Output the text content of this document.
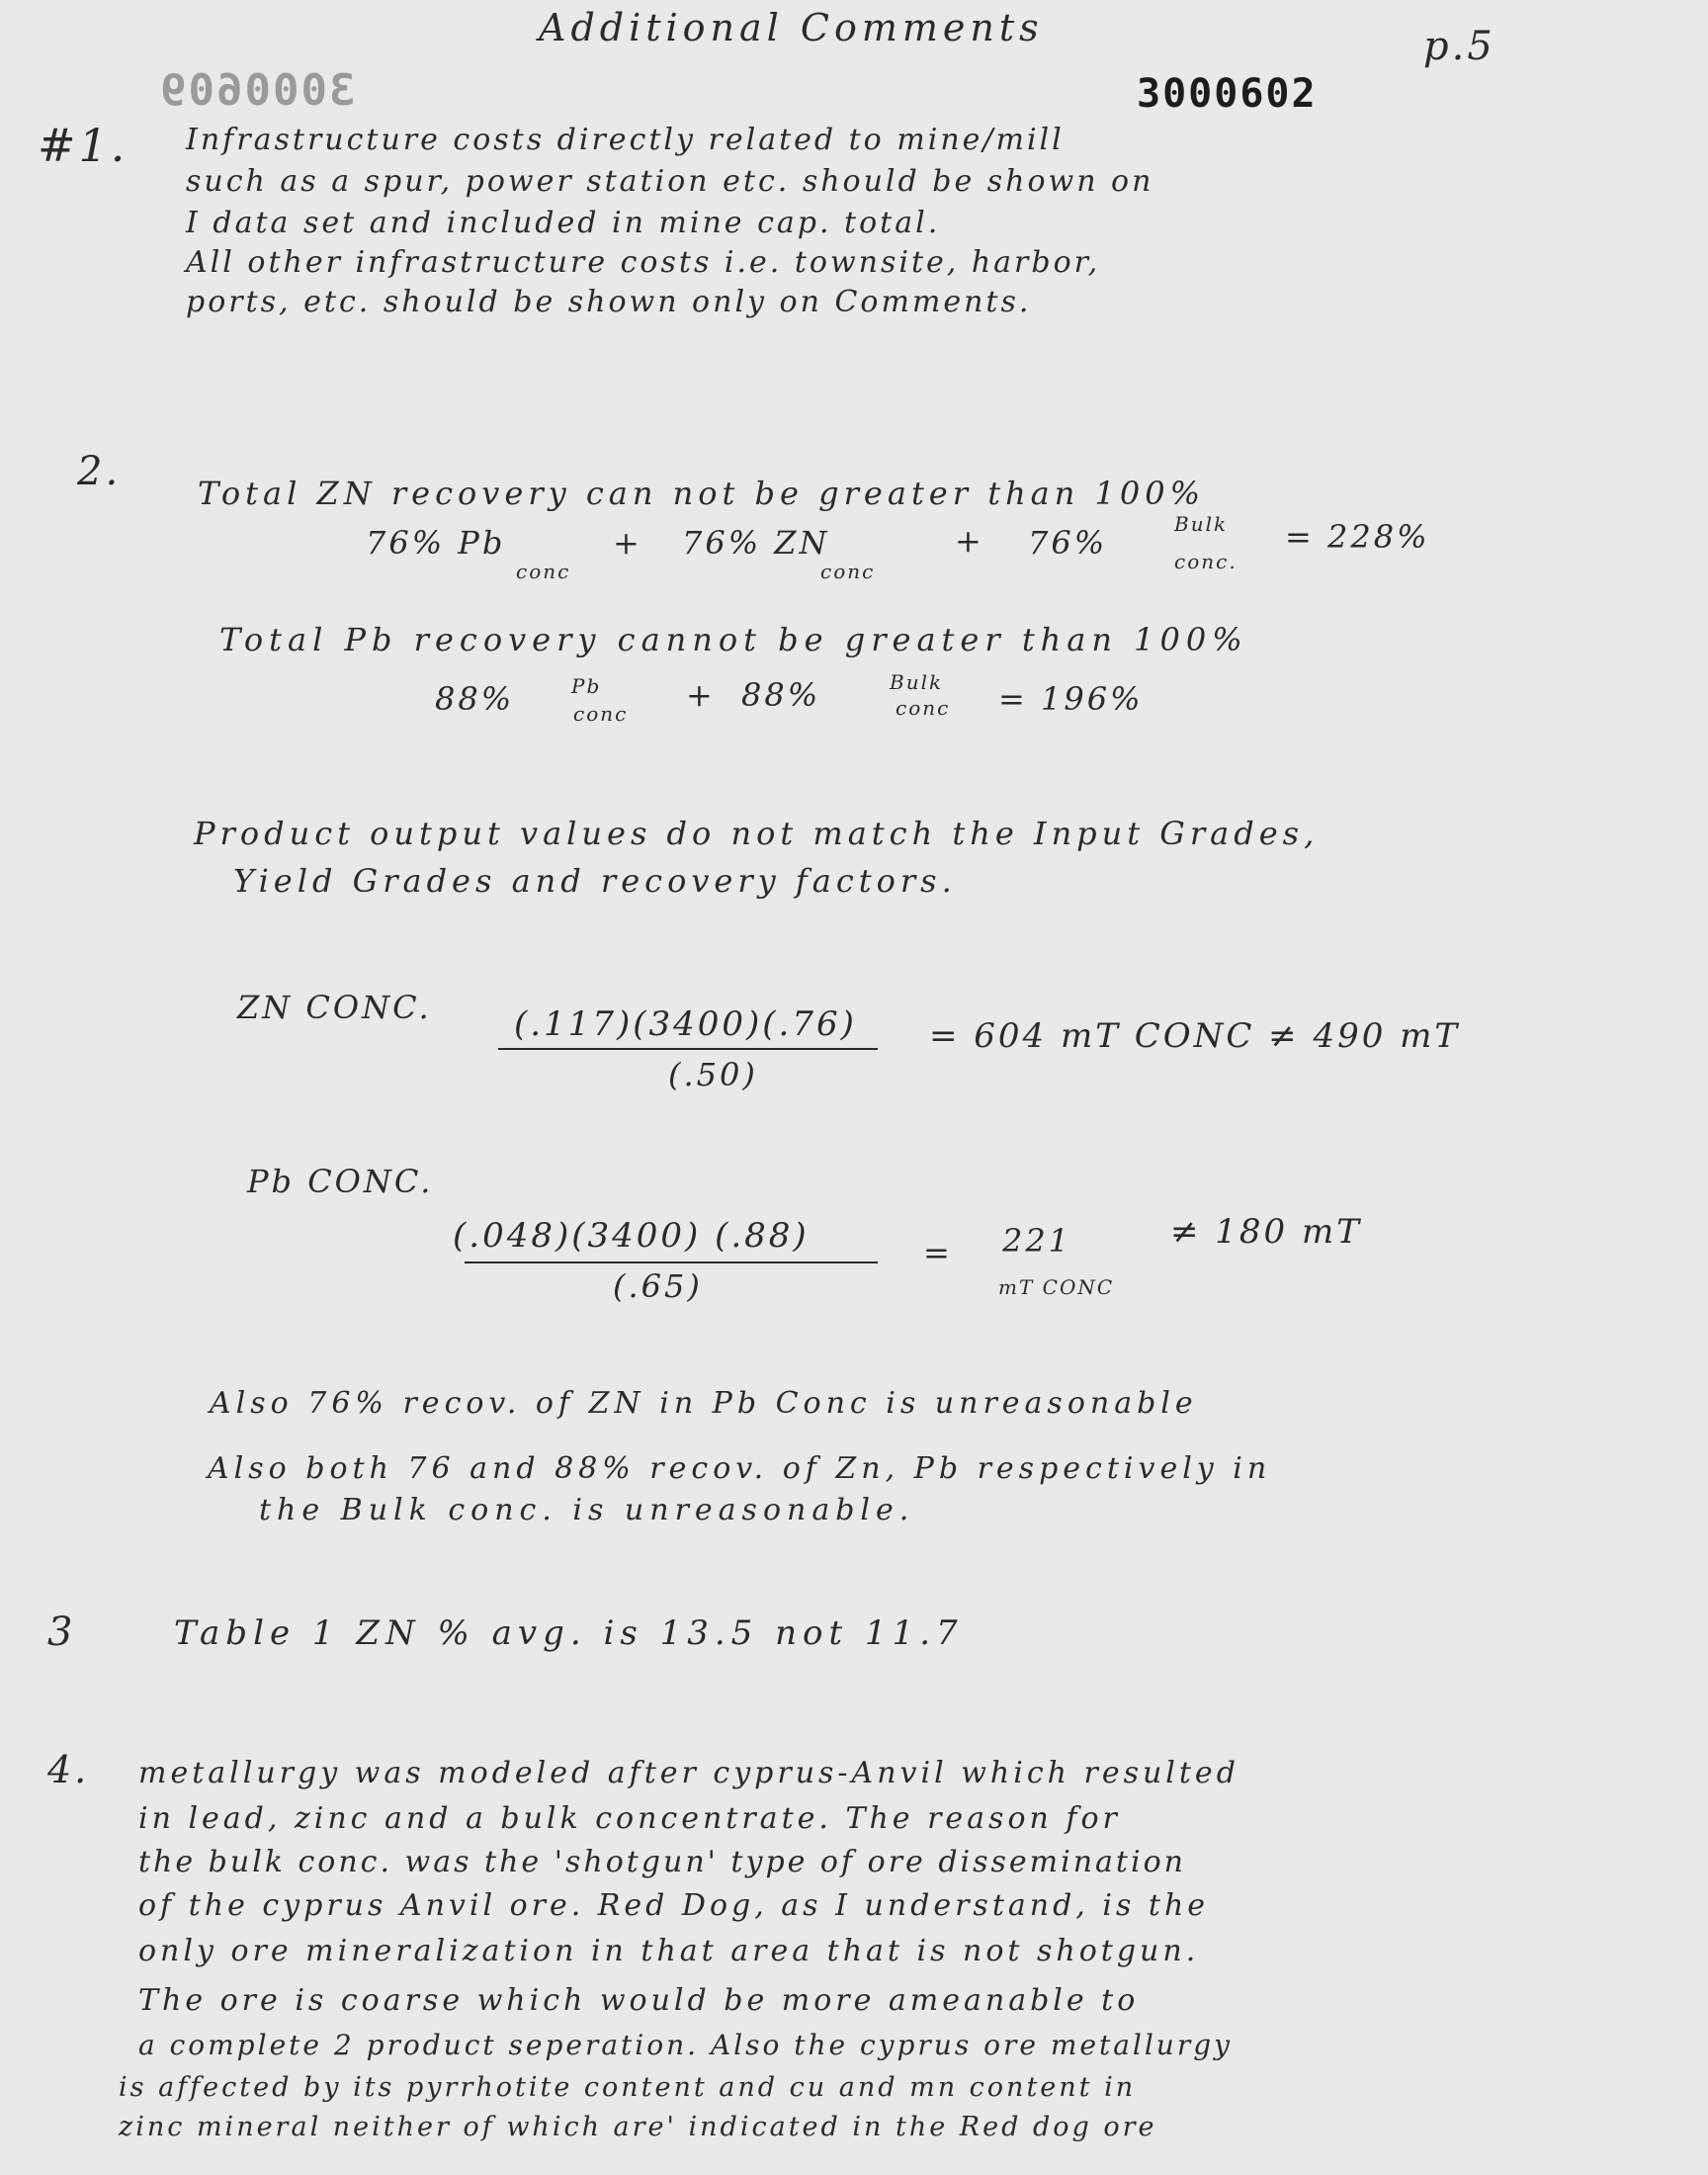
Additional Comments	p.5
3000609	3000602
#1. Infrastructure costs directly related to mine/mill
such as a spur, power station etc. should be shown on
I data set and included in mine cap. total.
All other infrastructure costs i.e. townsite, harbor,
ports, etc. should be shown only on Comments.
2. Total ZN recovery can not be greater than 100%
76% Pb
conc
+ 76% ZN
conc
+ 76%	Bulk
conc.
= 228%
Total Pb recovery cannot be greater than 100%
88%	Pb
conc + 88%	Bulk
conc = 196%
Product output values do not match the Input Grades,
Yield Grades and recovery factors.
ZN CONC. (.117)(3400)(.76)
(.50)
= 604 mT CONC ≠ 490 mT
Pb CONC.
(.048)(3400) (.88)
(.65)
= 221
mT CONC
≠ 180 mT
Also 76% recov. of ZN in Pb Conc is unreasonable
Also both 76 and 88% recov. of Zn, Pb respectively in
the Bulk conc. is unreasonable.
3	Table 1 ZN % avg. is 13.5 not 11.7
4. metallurgy was modeled after cyprus-Anvil which resulted
in lead, zinc and a bulk concentrate. The reason for
the bulk conc. was the 'shotgun' type of ore dissemination
of the cyprus Anvil ore. Red Dog, as I understand, is the
only ore mineralization in that area that is not shotgun.
The ore is coarse which would be more ameanable to
a complete 2 product seperation. Also the cyprus ore metallurgy
is affected by its pyrrhotite content and cu and mn content in
zinc mineral neither of which are' indicated in the Red dog ore
